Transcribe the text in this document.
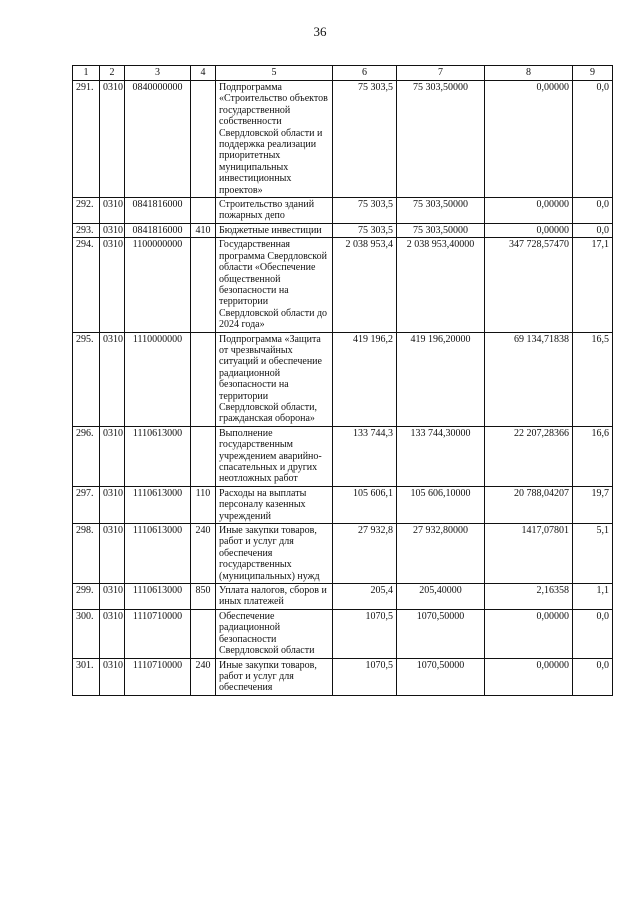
36
1	2	3	4	5	6	7	8	9
291.	0310	0840000000		Подпрограмма «Строительство объектов государственной собственности Свердловской области и поддержка реализации приоритетных муниципальных инвестиционных проектов»	75 303,5	75 303,50000	0,00000	0,0
292.	0310	0841816000		Строительство зданий пожарных депо	75 303,5	75 303,50000	0,00000	0,0
293.	0310	0841816000	410	Бюджетные инвестиции	75 303,5	75 303,50000	0,00000	0,0
294.	0310	1100000000		Государственная программа Свердловской области «Обеспечение общественной безопасности на территории Свердловской области до 2024 года»	2 038 953,4	2 038 953,40000	347 728,57470	17,1
295.	0310	1110000000		Подпрограмма «Защита от чрезвычайных ситуаций и обеспечение радиационной безопасности на территории Свердловской области, гражданская оборона»	419 196,2	419 196,20000	69 134,71838	16,5
296.	0310	1110613000		Выполнение государственным учреждением аварийно-спасательных и других неотложных работ	133 744,3	133 744,30000	22 207,28366	16,6
297.	0310	1110613000	110	Расходы на выплаты персоналу казенных учреждений	105 606,1	105 606,10000	20 788,04207	19,7
298.	0310	1110613000	240	Иные закупки товаров, работ и услуг для обеспечения государственных (муниципальных) нужд	27 932,8	27 932,80000	1417,07801	5,1
299.	0310	1110613000	850	Уплата налогов, сборов и иных платежей	205,4	205,40000	2,16358	1,1
300.	0310	1110710000		Обеспечение радиационной безопасности Свердловской области	1070,5	1070,50000	0,00000	0,0
301.	0310	1110710000	240	Иные закупки товаров, работ и услуг для обеспечения	1070,5	1070,50000	0,00000	0,0
